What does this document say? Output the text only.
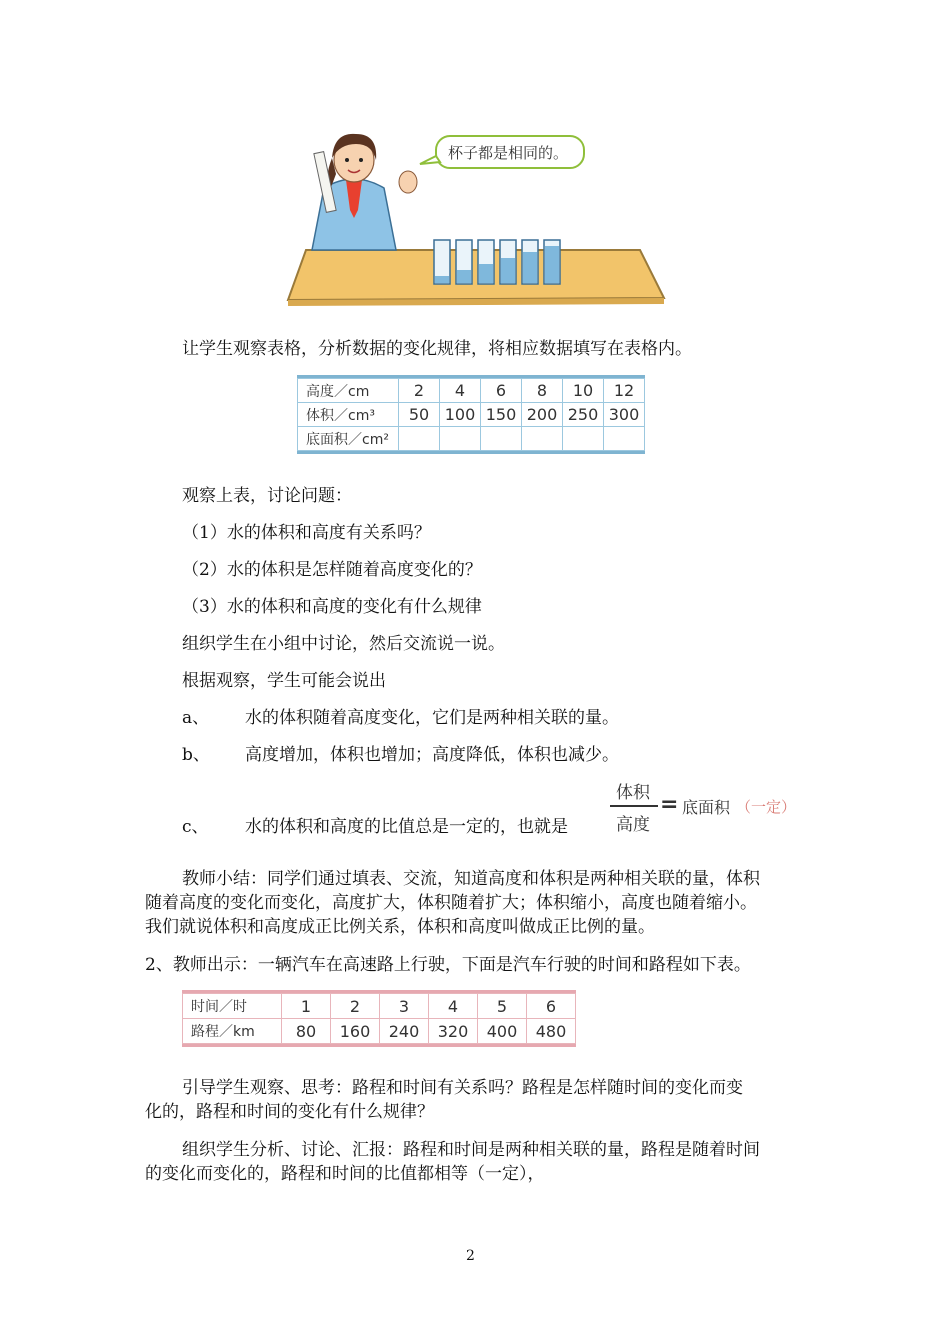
杯子都是相同的。
让学生观察表格，分析数据的变化规律，将相应数据填写在表格内。
高度／cm	2	4	6	8	10	12
体积／cm³	50	100	150	200	250	300
底面积／cm²						
观察上表，讨论问题：
（1）水的体积和高度有关系吗？
（2）水的体积是怎样随着高度变化的？
（3）水的体积和高度的变化有什么规律
组织学生在小组中讨论，然后交流说一说。
根据观察，学生可能会说出
a、 水的体积随着高度变化，它们是两种相关联的量。
b、 高度增加，体积也增加；高度降低，体积也减少。
c、 水的体积和高度的比值总是一定的，也就是
体积
高度
= 底面积 （一定）
教师小结：同学们通过填表、交流，知道高度和体积是两种相关联的量，体积
随着高度的变化而变化，高度扩大，体积随着扩大；体积缩小，高度也随着缩小。
我们就说体积和高度成正比例关系，体积和高度叫做成正比例的量。
2、教师出示：一辆汽车在高速路上行驶，下面是汽车行驶的时间和路程如下表。
时间／时	1	2	3	4	5	6
路程／km	80	160	240	320	400	480
引导学生观察、思考：路程和时间有关系吗？路程是怎样随时间的变化而变
化的，路程和时间的变化有什么规律？
组织学生分析、讨论、汇报：路程和时间是两种相关联的量，路程是随着时间
的变化而变化的，路程和时间的比值都相等（一定），
2
